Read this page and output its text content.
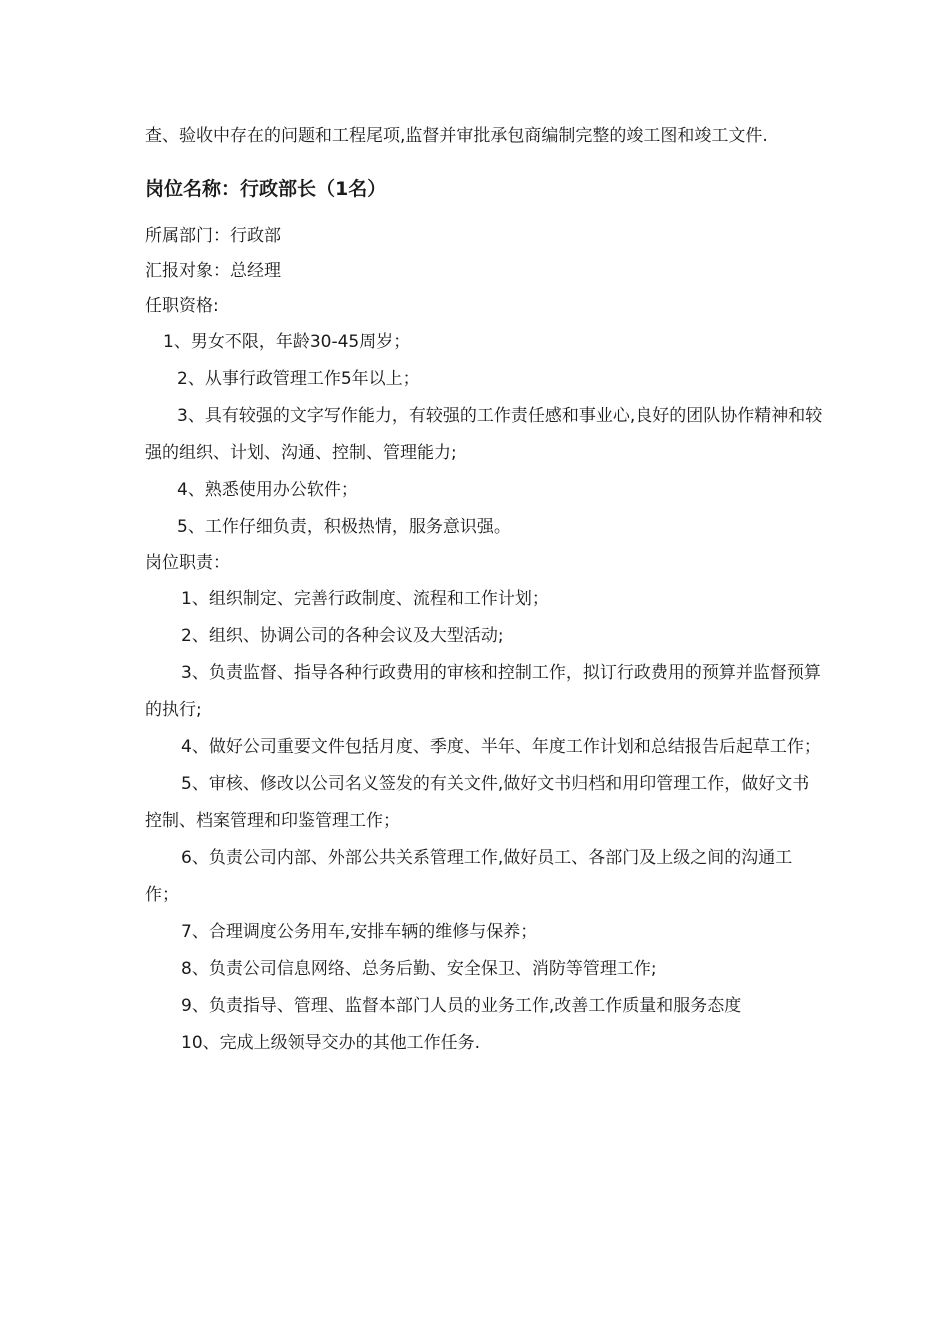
查、验收中存在的问题和工程尾项,监督并审批承包商编制完整的竣工图和竣工文件.

岗位名称：行政部长（1名）

所属部门：行政部

汇报对象：总经理

任职资格:

1、男女不限，年龄30-45周岁；

2、从事行政管理工作5年以上；

3、具有较强的文字写作能力，有较强的工作责任感和事业心,良好的团队协作精神和较强的组织、计划、沟通、控制、管理能力;

4、熟悉使用办公软件；

5、工作仔细负责，积极热情，服务意识强。

岗位职责：

1、组织制定、完善行政制度、流程和工作计划；

2、组织、协调公司的各种会议及大型活动;

3、负责监督、指导各种行政费用的审核和控制工作，拟订行政费用的预算并监督预算的执行;

4、做好公司重要文件包括月度、季度、半年、年度工作计划和总结报告后起草工作；

5、审核、修改以公司名义签发的有关文件,做好文书归档和用印管理工作，做好文书控制、档案管理和印鉴管理工作；

6、负责公司内部、外部公共关系管理工作,做好员工、各部门及上级之间的沟通工作；

7、合理调度公务用车,安排车辆的维修与保养；

8、负责公司信息网络、总务后勤、安全保卫、消防等管理工作;

9、负责指导、管理、监督本部门人员的业务工作,改善工作质量和服务态度

10、完成上级领导交办的其他工作任务.
